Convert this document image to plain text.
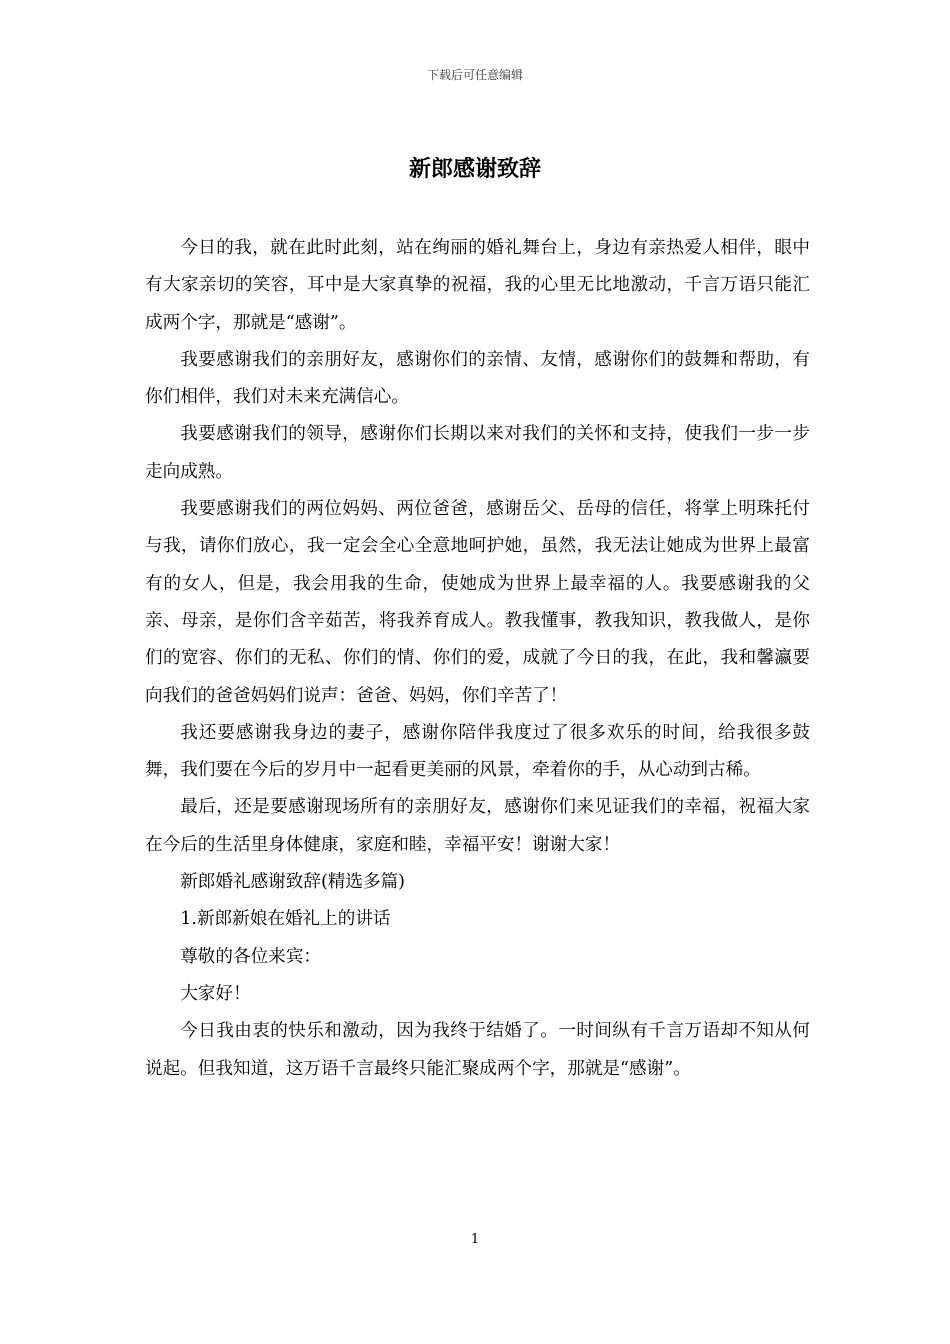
下载后可任意编辑
新郎感谢致辞

今日的我，就在此时此刻，站在绚丽的婚礼舞台上，身边有亲热爱人相伴，眼中有大家亲切的笑容，耳中是大家真挚的祝福，我的心里无比地激动，千言万语只能汇成两个字，那就是“感谢”。

我要感谢我们的亲朋好友，感谢你们的亲情、友情，感谢你们的鼓舞和帮助，有你们相伴，我们对未来充满信心。

我要感谢我们的领导，感谢你们长期以来对我们的关怀和支持，使我们一步一步走向成熟。

我要感谢我们的两位妈妈、两位爸爸，感谢岳父、岳母的信任，将掌上明珠托付与我，请你们放心，我一定会全心全意地呵护她，虽然，我无法让她成为世界上最富有的女人，但是，我会用我的生命，使她成为世界上最幸福的人。我要感谢我的父亲、母亲，是你们含辛茹苦，将我养育成人。教我懂事，教我知识，教我做人，是你们的宽容、你们的无私、你们的情、你们的爱，成就了今日的我，在此，我和馨瀛要向我们的爸爸妈妈们说声：爸爸、妈妈，你们辛苦了！

我还要感谢我身边的妻子，感谢你陪伴我度过了很多欢乐的时间，给我很多鼓舞，我们要在今后的岁月中一起看更美丽的风景，牵着你的手，从心动到古稀。

最后，还是要感谢现场所有的亲朋好友，感谢你们来见证我们的幸福，祝福大家在今后的生活里身体健康，家庭和睦，幸福平安！谢谢大家！

新郎婚礼感谢致辞(精选多篇)

1.新郎新娘在婚礼上的讲话

尊敬的各位来宾：

大家好！

今日我由衷的快乐和激动，因为我终于结婚了。一时间纵有千言万语却不知从何说起。但我知道，这万语千言最终只能汇聚成两个字，那就是“感谢”。

1
